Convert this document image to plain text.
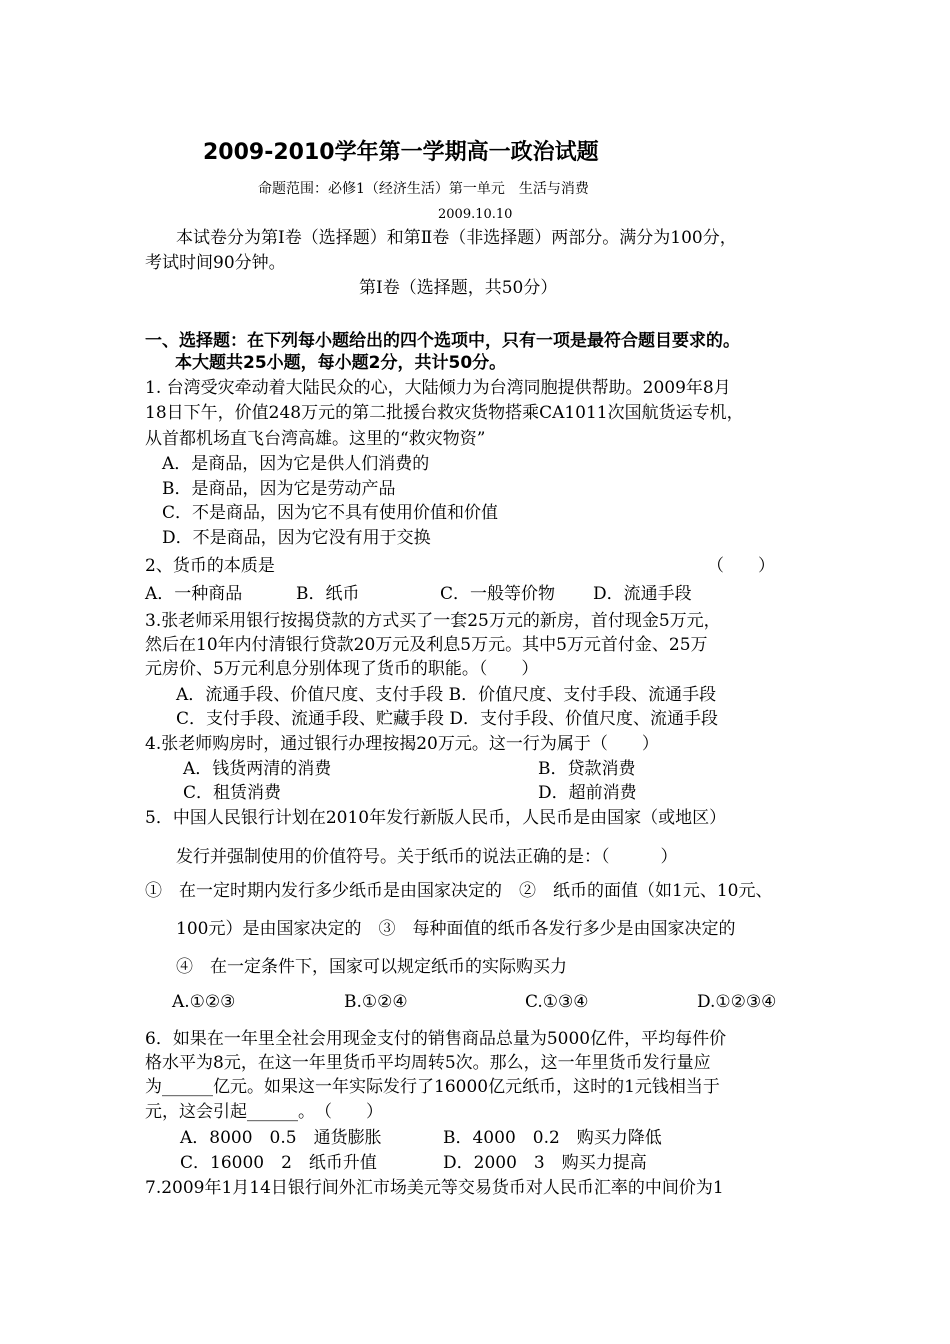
2009-2010学年第一学期高一政治试题
命题范围：必修1（经济生活）第一单元　生活与消费
2009.10.10
本试卷分为第Ⅰ卷（选择题）和第Ⅱ卷（非选择题）两部分。满分为100分，
考试时间90分钟。
第Ⅰ卷（选择题，共50分）
一、选择题：在下列每小题给出的四个选项中，只有一项是最符合题目要求的。
本大题共25小题，每小题2分，共计50分。
1. 台湾受灾牵动着大陆民众的心，大陆倾力为台湾同胞提供帮助。2009年8月
18日下午，价值248万元的第二批援台救灾货物搭乘CA1011次国航货运专机，
从首都机场直飞台湾高雄。这里的“救灾物资”
A．是商品，因为它是供人们消费的
B．是商品，因为它是劳动产品
C．不是商品，因为它不具有使用价值和价值
D．不是商品，因为它没有用于交换
2、货币的本质是	（　　）
A．一种商品	B．纸币	C．一般等价物 D．流通手段
3.张老师采用银行按揭贷款的方式买了一套25万元的新房，首付现金5万元，
然后在10年内付清银行贷款20万元及利息5万元。其中5万元首付金、25万
元房价、5万元利息分别体现了货币的职能。（　　）
A．流通手段、价值尺度、支付手段 B．价值尺度、支付手段、流通手段
C．支付手段、流通手段、贮藏手段 D．支付手段、价值尺度、流通手段
4.张老师购房时，通过银行办理按揭20万元。这一行为属于（　　）
A．钱货两清的消费	B．贷款消费
C．租赁消费	D．超前消费
5．中国人民银行计划在2010年发行新版人民币，人民币是由国家（或地区）
发行并强制使用的价值符号。关于纸币的说法正确的是：（　　　）
①　在一定时期内发行多少纸币是由国家决定的　②　纸币的面值（如1元、10元、
100元）是由国家决定的　③　每种面值的纸币各发行多少是由国家决定的
④　在一定条件下，国家可以规定纸币的实际购买力
A.①②③	B.①②④	C.①③④	D.①②③④
6．如果在一年里全社会用现金支付的销售商品总量为5000亿件，平均每件价
格水平为8元，在这一年里货币平均周转5次。那么，这一年里货币发行量应
为______亿元。如果这一年实际发行了16000亿元纸币，这时的1元钱相当于
元，这会引起______。　（　　）
A．8000　0.5　通货膨胀	B．4000　0.2　购买力降低
C．16000　2　纸币升值	D．2000　3　购买力提高
7.2009年1月14日银行间外汇市场美元等交易货币对人民币汇率的中间价为1
